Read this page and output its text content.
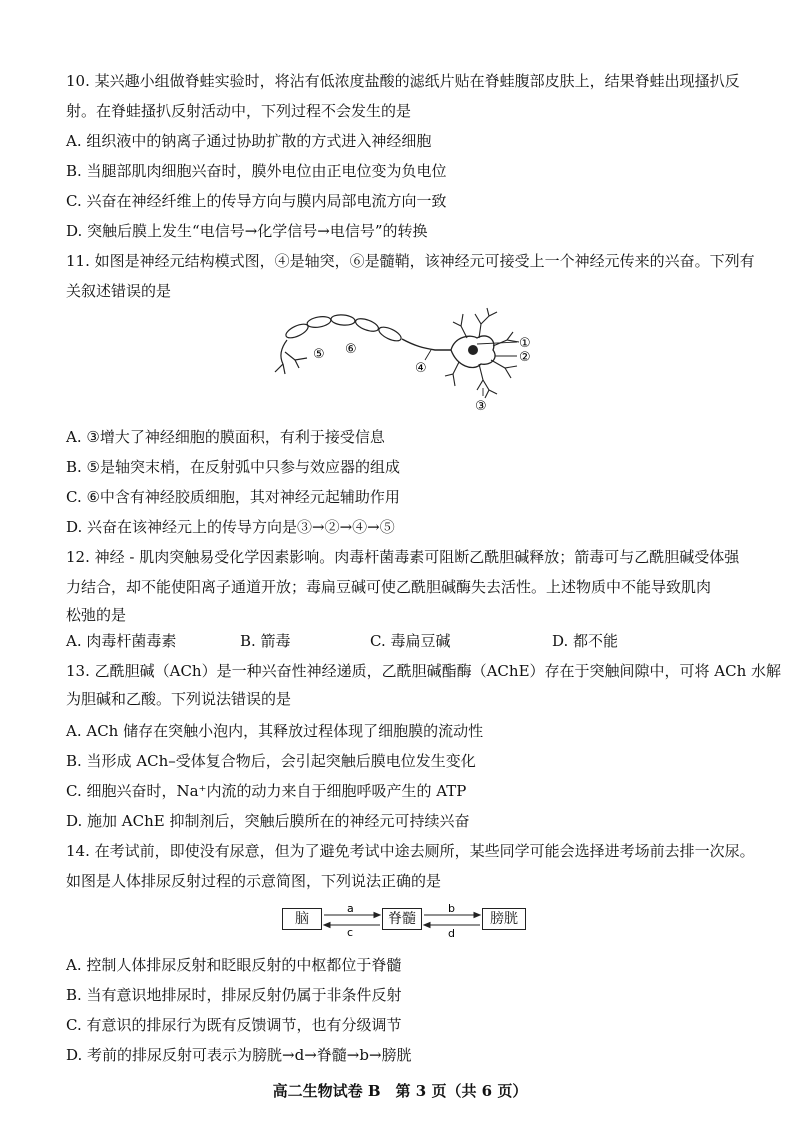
10. 某兴趣小组做脊蛙实验时，将沾有低浓度盐酸的滤纸片贴在脊蛙腹部皮肤上，结果脊蛙出现搔扒反
射。在脊蛙搔扒反射活动中，下列过程不会发生的是
A. 组织液中的钠离子通过协助扩散的方式进入神经细胞
B. 当腿部肌肉细胞兴奋时，膜外电位由正电位变为负电位
C. 兴奋在神经纤维上的传导方向与膜内局部电流方向一致
D. 突触后膜上发生“电信号→化学信号→电信号”的转换
11. 如图是神经元结构模式图，④是轴突，⑥是髓鞘，该神经元可接受上一个神经元传来的兴奋。下列有
关叙述错误的是
①
②
③
④
⑤ ⑥
A. ③增大了神经细胞的膜面积，有利于接受信息
B. ⑤是轴突末梢，在反射弧中只参与效应器的组成
C. ⑥中含有神经胶质细胞，其对神经元起辅助作用
D. 兴奋在该神经元上的传导方向是③→②→④→⑤
12. 神经 - 肌肉突触易受化学因素影响。肉毒杆菌毒素可阻断乙酰胆碱释放；箭毒可与乙酰胆碱受体强
力结合，却不能使阳离子通道开放；毒扁豆碱可使乙酰胆碱酶失去活性。上述物质中不能导致肌肉
松弛的是
A. 肉毒杆菌毒素	B. 箭毒	C. 毒扁豆碱	D. 都不能
13. 乙酰胆碱（ACh）是一种兴奋性神经递质，乙酰胆碱酯酶（AChE）存在于突触间隙中，可将 ACh 水解
为胆碱和乙酸。下列说法错误的是
A. ACh 储存在突触小泡内，其释放过程体现了细胞膜的流动性
B. 当形成 ACh–受体复合物后，会引起突触后膜电位发生变化
C. 细胞兴奋时，Na⁺内流的动力来自于细胞呼吸产生的 ATP
D. 施加 AChE 抑制剂后，突触后膜所在的神经元可持续兴奋
14. 在考试前，即使没有尿意，但为了避免考试中途去厕所，某些同学可能会选择进考场前去排一次尿。
如图是人体排尿反射过程的示意简图，下列说法正确的是
脑	脊髓	膀胱
a
c
b
d
A. 控制人体排尿反射和眨眼反射的中枢都位于脊髓
B. 当有意识地排尿时，排尿反射仍属于非条件反射
C. 有意识的排尿行为既有反馈调节，也有分级调节
D. 考前的排尿反射可表示为膀胱→d→脊髓→b→膀胱
高二生物试卷 B　第 3 页（共 6 页）
